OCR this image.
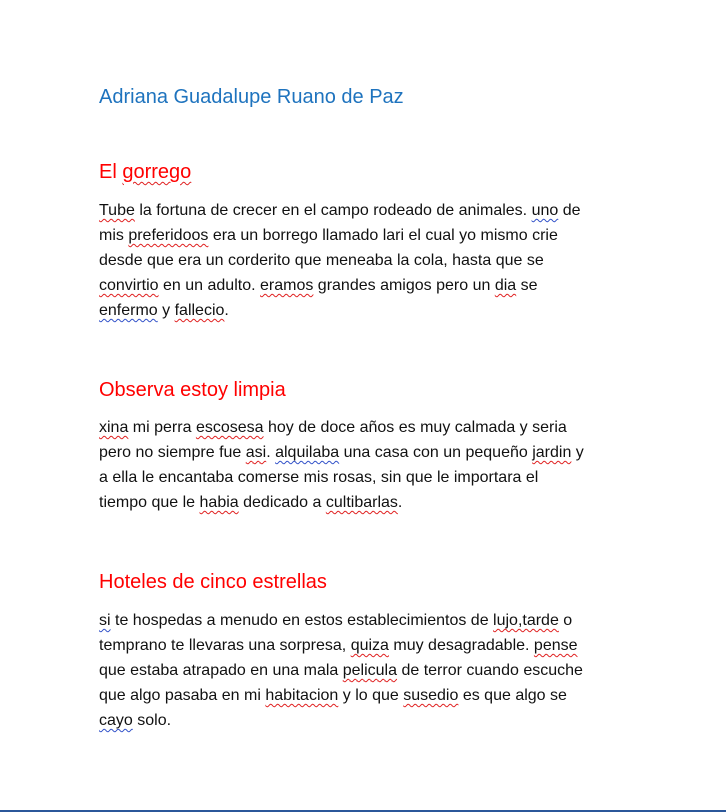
Adriana Guadalupe Ruano de Paz
El gorrego
Tube la fortuna de crecer en el campo rodeado de animales. uno de
mis preferidoos era un borrego llamado lari el cual yo mismo crie
desde que era un corderito que meneaba la cola, hasta que se
convirtio en un adulto. eramos grandes amigos pero un dia se
enfermo y fallecio.
Observa estoy limpia
xina mi perra escosesa hoy de doce años es muy calmada y seria
pero no siempre fue asi. alquilaba una casa con un pequeño jardin y
a ella le encantaba comerse mis rosas, sin que le importara el
tiempo que le habia dedicado a cultibarlas.
Hoteles de cinco estrellas
si te hospedas a menudo en estos establecimientos de lujo,tarde o
temprano te llevaras una sorpresa, quiza muy desagradable. pense
que estaba atrapado en una mala pelicula de terror cuando escuche
que algo pasaba en mi habitacion y lo que susedio es que algo se
cayo solo.
